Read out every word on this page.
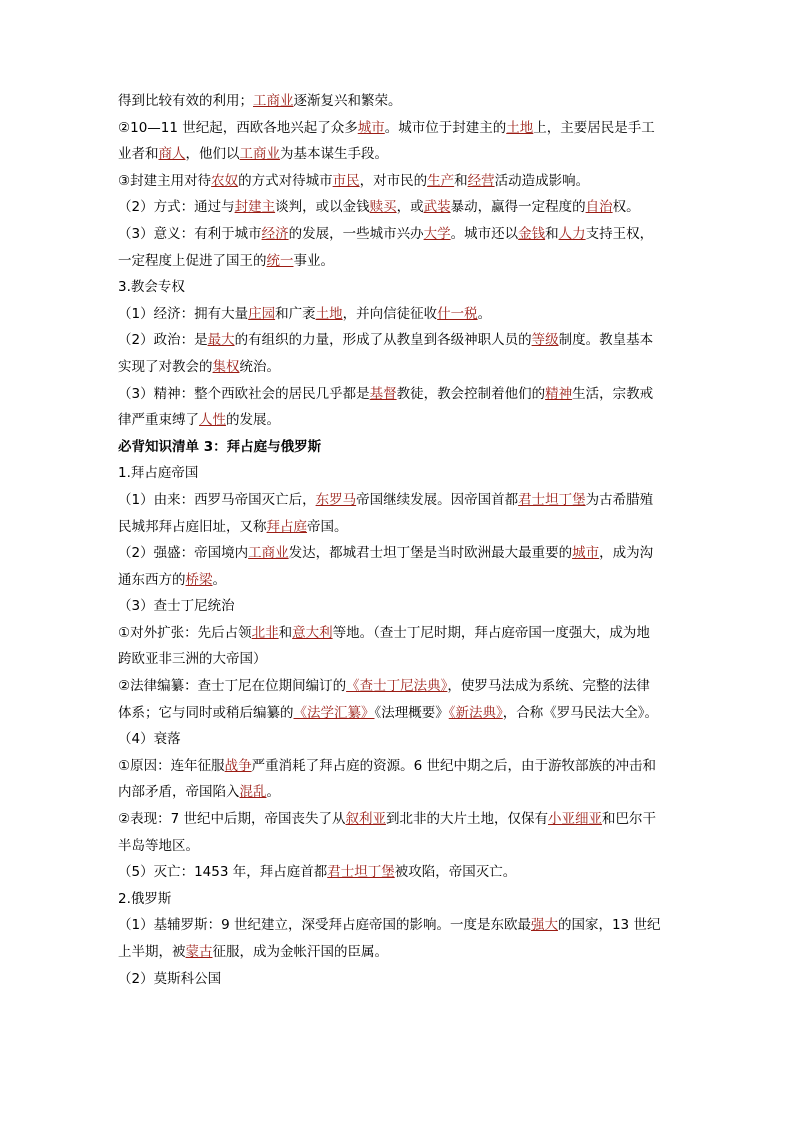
得到比较有效的利用；工商业逐渐复兴和繁荣。
②10—11 世纪起，西欧各地兴起了众多城市。城市位于封建主的土地上，主要居民是手工
业者和商人，他们以工商业为基本谋生手段。
③封建主用对待农奴的方式对待城市市民，对市民的生产和经营活动造成影响。
（2）方式：通过与封建主谈判，或以金钱赎买，或武装暴动，赢得一定程度的自治权。
（3）意义：有利于城市经济的发展，一些城市兴办大学。城市还以金钱和人力支持王权，
一定程度上促进了国王的统一事业。
3.教会专权
（1）经济：拥有大量庄园和广袤土地，并向信徒征收什一税。
（2）政治：是最大的有组织的力量，形成了从教皇到各级神职人员的等级制度。教皇基本
实现了对教会的集权统治。
（3）精神：整个西欧社会的居民几乎都是基督教徒，教会控制着他们的精神生活，宗教戒
律严重束缚了人性的发展。
必背知识清单 3：拜占庭与俄罗斯
1.拜占庭帝国
（1）由来：西罗马帝国灭亡后，东罗马帝国继续发展。因帝国首都君士坦丁堡为古希腊殖
民城邦拜占庭旧址，又称拜占庭帝国。
（2）强盛：帝国境内工商业发达，都城君士坦丁堡是当时欧洲最大最重要的城市，成为沟
通东西方的桥梁。
（3）查士丁尼统治
①对外扩张：先后占领北非和意大利等地。（查士丁尼时期，拜占庭帝国一度强大，成为地
跨欧亚非三洲的大帝国）
②法律编纂：查士丁尼在位期间编订的《查士丁尼法典》，使罗马法成为系统、完整的法律
体系；它与同时或稍后编纂的《法学汇纂》《法理概要》《新法典》，合称《罗马民法大全》。
（4）衰落
①原因：连年征服战争严重消耗了拜占庭的资源。6 世纪中期之后，由于游牧部族的冲击和
内部矛盾，帝国陷入混乱。
②表现：7 世纪中后期，帝国丧失了从叙利亚到北非的大片土地，仅保有小亚细亚和巴尔干
半岛等地区。
（5）灭亡：1453 年，拜占庭首都君士坦丁堡被攻陷，帝国灭亡。
2.俄罗斯
（1）基辅罗斯：9 世纪建立，深受拜占庭帝国的影响。一度是东欧最强大的国家，13 世纪
上半期，被蒙古征服，成为金帐汗国的臣属。
（2）莫斯科公国
